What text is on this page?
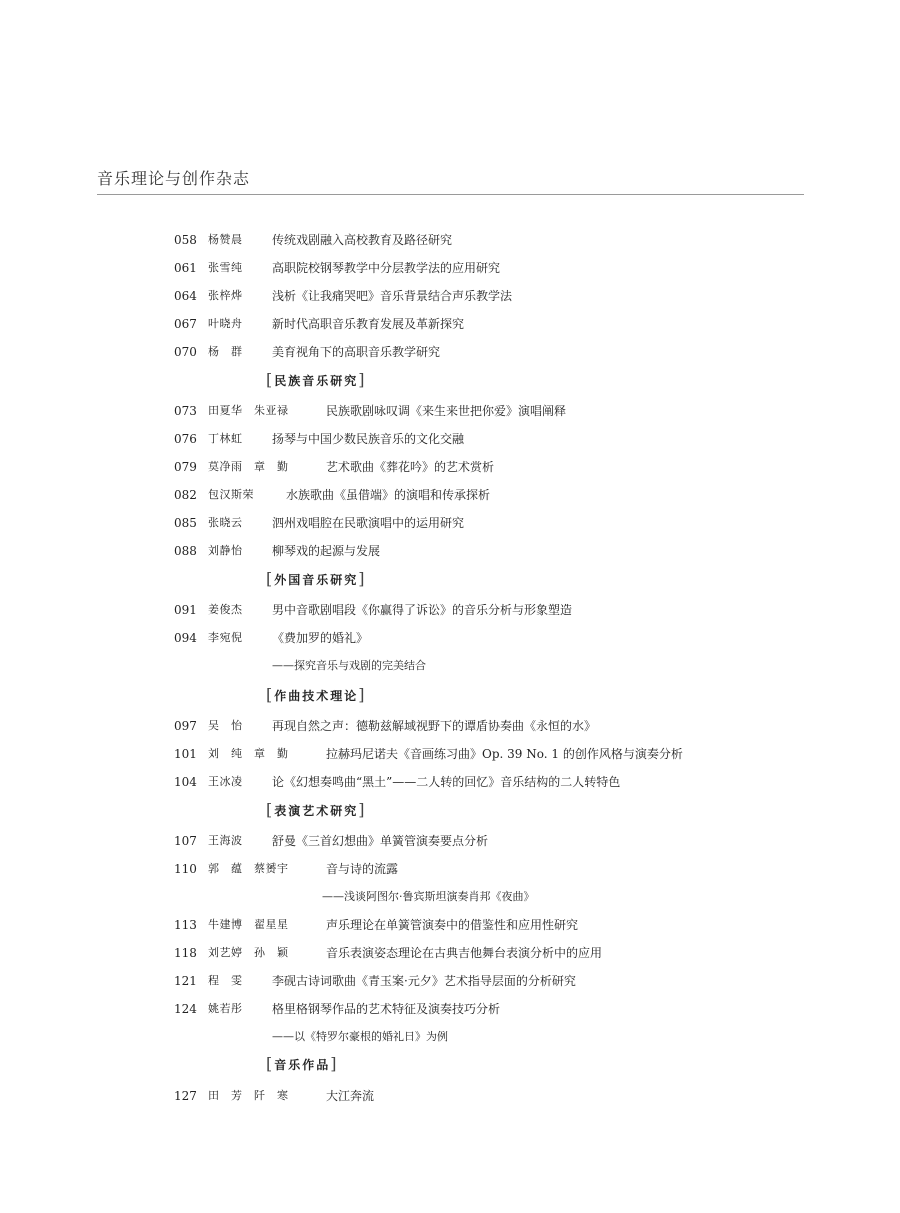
音乐理论与创作杂志
058	杨赞晨 传统戏剧融入高校教育及路径研究
061	张雪纯 高职院校钢琴教学中分层教学法的应用研究
064	张梓烨 浅析《让我痛哭吧》音乐背景结合声乐教学法
067	叶晓舟 新时代高职音乐教育发展及革新探究
070	杨　群 美育视角下的高职音乐教学研究
[民族音乐研究]
073	田夏华　朱亚禄	民族歌剧咏叹调《来生来世把你爱》演唱阐释
076	丁林虹 扬琴与中国少数民族音乐的文化交融
079	莫净雨　章　勤	艺术歌曲《葬花吟》的艺术赏析
082	包汉斯荣	水族歌曲《虽借端》的演唱和传承探析
085	张晓云 泗州戏唱腔在民歌演唱中的运用研究
088	刘静怡 柳琴戏的起源与发展
[外国音乐研究]
091	姜俊杰 男中音歌剧唱段《你赢得了诉讼》的音乐分析与形象塑造
094	李宛倪 《费加罗的婚礼》
——探究音乐与戏剧的完美结合
[作曲技术理论]
097	吴　怡 再现自然之声：德勒兹解域视野下的谭盾协奏曲《永恒的水》
101	刘　纯　章　勤	拉赫玛尼诺夫《音画练习曲》Op. 39 No. 1 的创作风格与演奏分析
104	王冰凌 论《幻想奏鸣曲“黑土”——二人转的回忆》音乐结构的二人转特色
[表演艺术研究]
107	王海波 舒曼《三首幻想曲》单簧管演奏要点分析
110	郭　蕴　蔡赟宇	音与诗的流露
——浅谈阿图尔·鲁宾斯坦演奏肖邦《夜曲》
113	牛建博　翟星星	声乐理论在单簧管演奏中的借鉴性和应用性研究
118	刘艺婷　孙　颖	音乐表演姿态理论在古典吉他舞台表演分析中的应用
121	程　雯 李砚古诗词歌曲《青玉案·元夕》艺术指导层面的分析研究
124	姚若彤 格里格钢琴作品的艺术特征及演奏技巧分析
——以《特罗尔豪根的婚礼日》为例
[音乐作品]
127	田　芳　阡　寒	大江奔流
